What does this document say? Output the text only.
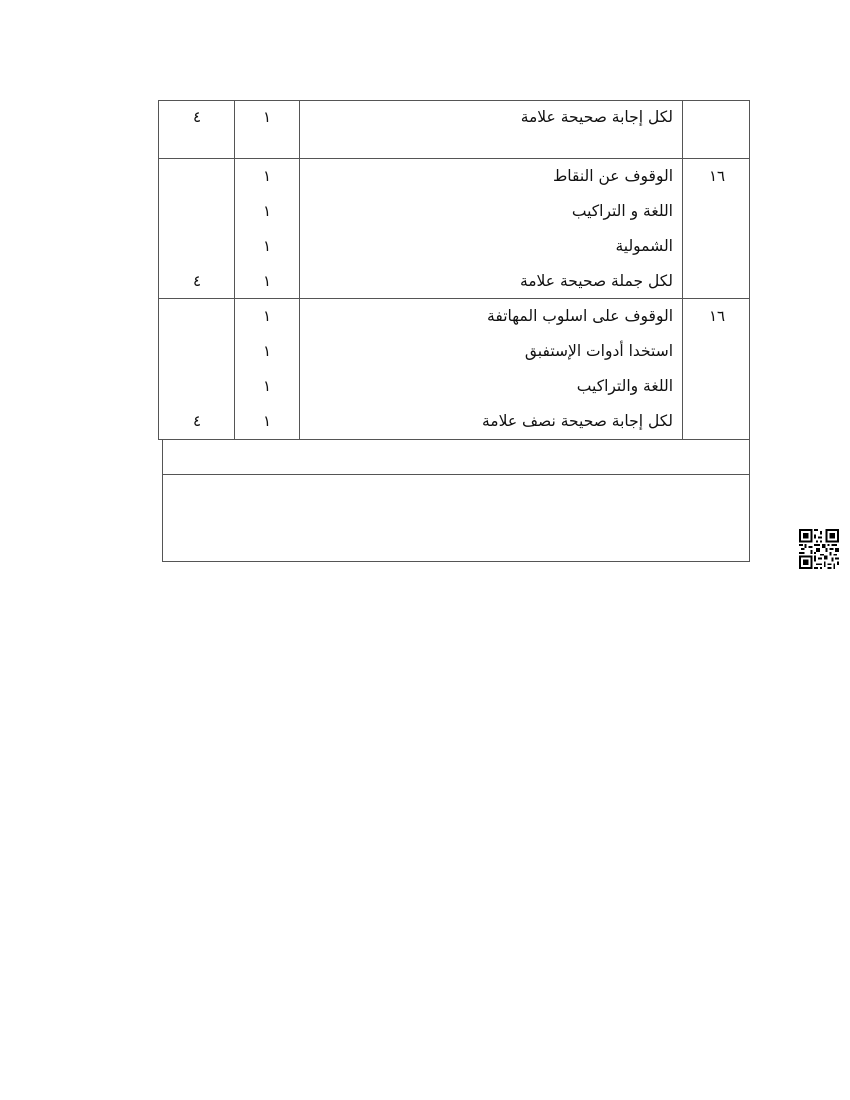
لكل إجابة صحيحة علامة
١
٤
١٦
الوقوف عن النقاط
١
اللغة و التراكيب
١
الشمولية
١
لكل جملة صحيحة علامة
١
٤
١٦
الوقوف على اسلوب المهاتفة
١
استخدا أدوات الإستفبق
١
اللغة والتراكيب
١
لكل إجابة صحيحة نصف علامة
١
٤
